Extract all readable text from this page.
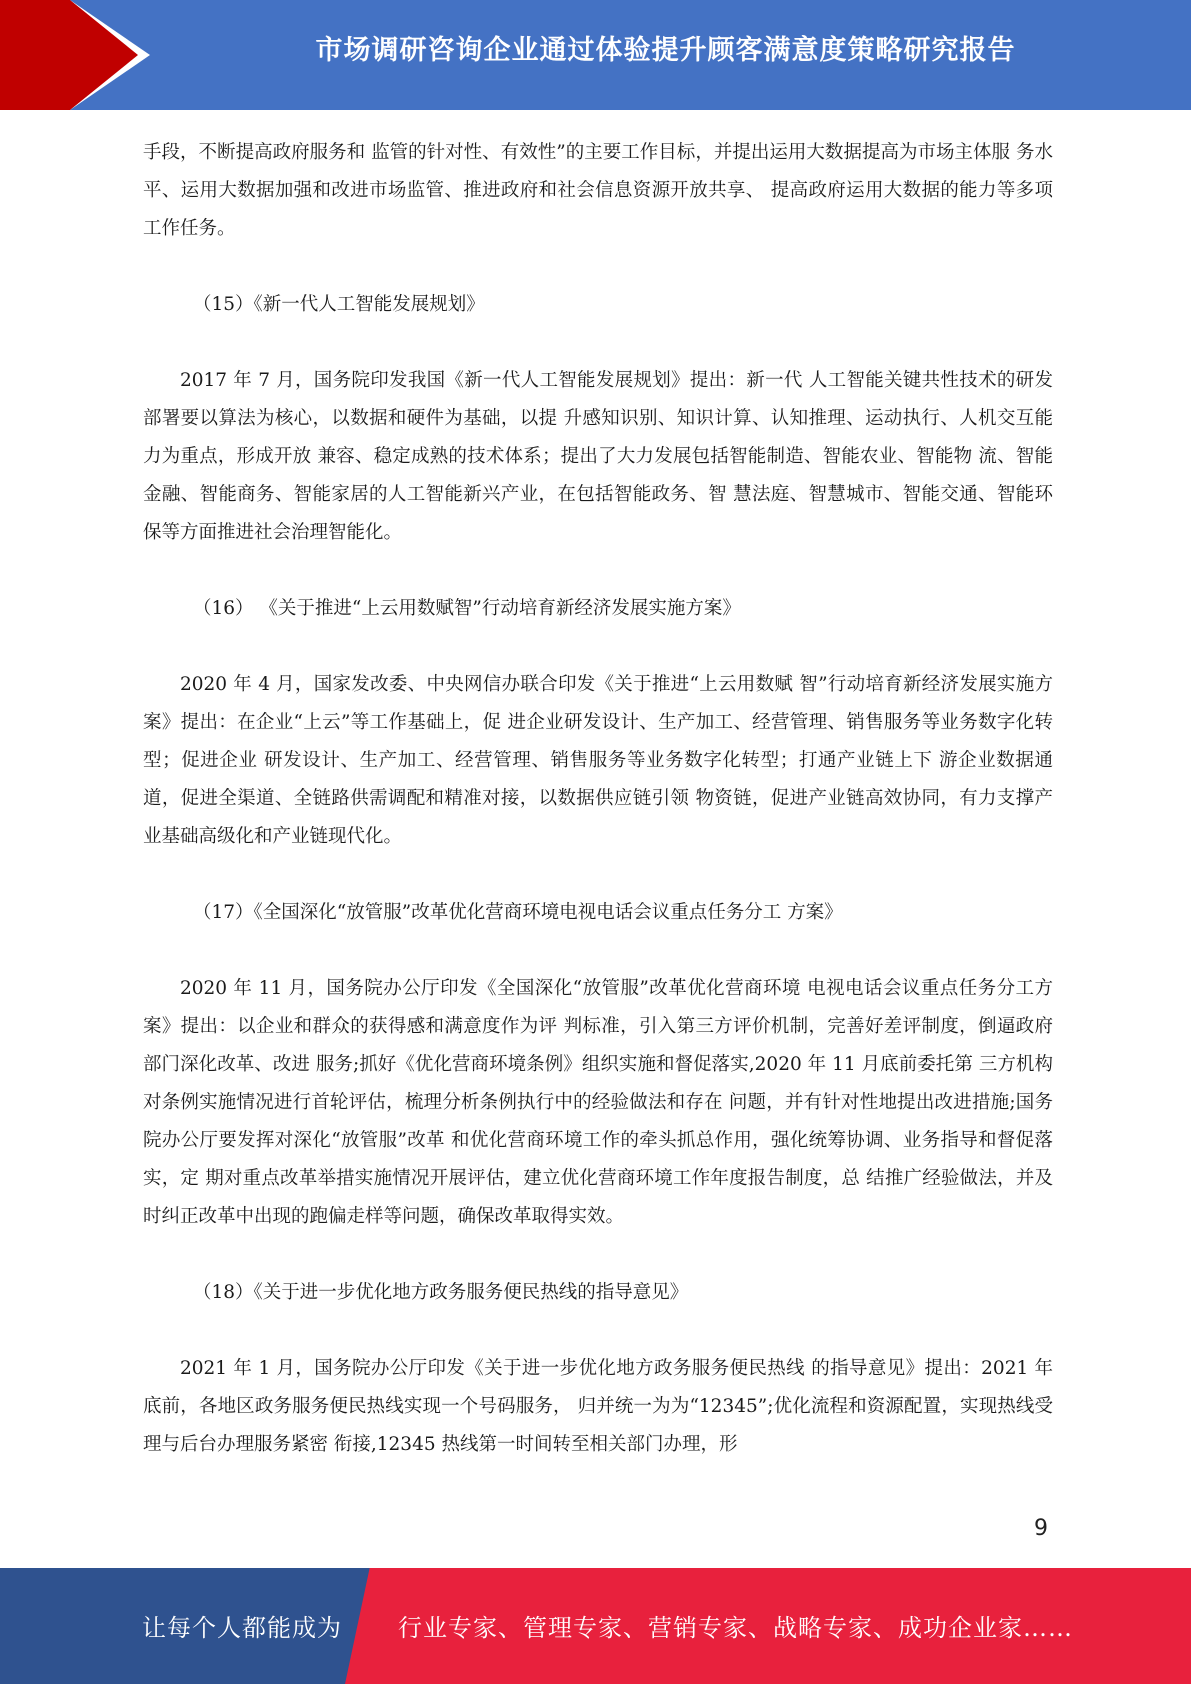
市场调研咨询企业通过体验提升顾客满意度策略研究报告

手段，不断提高政府服务和 监管的针对性、有效性”的主要工作目标，并提出运用大数据提高为市场主体服 务水平、运用大数据加强和改进市场监管、推进政府和社会信息资源开放共享、 提高政府运用大数据的能力等多项工作任务。

（15）《新一代人工智能发展规划》

2017 年 7 月，国务院印发我国《新一代人工智能发展规划》提出：新一代 人工智能关键共性技术的研发部署要以算法为核心，以数据和硬件为基础，以提 升感知识别、知识计算、认知推理、运动执行、人机交互能力为重点，形成开放 兼容、稳定成熟的技术体系；提出了大力发展包括智能制造、智能农业、智能物 流、智能金融、智能商务、智能家居的人工智能新兴产业，在包括智能政务、智 慧法庭、智慧城市、智能交通、智能环保等方面推进社会治理智能化。

（16） 《关于推进“上云用数赋智”行动培育新经济发展实施方案》

2020 年 4 月，国家发改委、中央网信办联合印发《关于推进“上云用数赋 智”行动培育新经济发展实施方案》提出：在企业“上云”等工作基础上，促 进企业研发设计、生产加工、经营管理、销售服务等业务数字化转型；促进企业 研发设计、生产加工、经营管理、销售服务等业务数字化转型；打通产业链上下 游企业数据通道，促进全渠道、全链路供需调配和精准对接，以数据供应链引领 物资链，促进产业链高效协同，有力支撑产业基础高级化和产业链现代化。

（17）《全国深化“放管服”改革优化营商环境电视电话会议重点任务分工 方案》

2020 年 11 月，国务院办公厅印发《全国深化“放管服”改革优化营商环境 电视电话会议重点任务分工方案》提出：以企业和群众的获得感和满意度作为评 判标准，引入第三方评价机制，完善好差评制度，倒逼政府部门深化改革、改进 服务;抓好《优化营商环境条例》组织实施和督促落实,2020 年 11 月底前委托第 三方机构对条例实施情况进行首轮评估，梳理分析条例执行中的经验做法和存在 问题，并有针对性地提出改进措施;国务院办公厅要发挥对深化“放管服”改革 和优化营商环境工作的牵头抓总作用，强化统筹协调、业务指导和督促落实，定 期对重点改革举措实施情况开展评估，建立优化营商环境工作年度报告制度，总 结推广经验做法，并及时纠正改革中出现的跑偏走样等问题，确保改革取得实效。

（18）《关于进一步优化地方政务服务便民热线的指导意见》

2021 年 1 月，国务院办公厅印发《关于进一步优化地方政务服务便民热线 的指导意见》提出：2021 年底前，各地区政务服务便民热线实现一个号码服务， 归并统一为为“12345”;优化流程和资源配置，实现热线受理与后台办理服务紧密 衔接,12345 热线第一时间转至相关部门办理，形

9
让每个人都能成为 行业专家、管理专家、营销专家、战略专家、成功企业家……
